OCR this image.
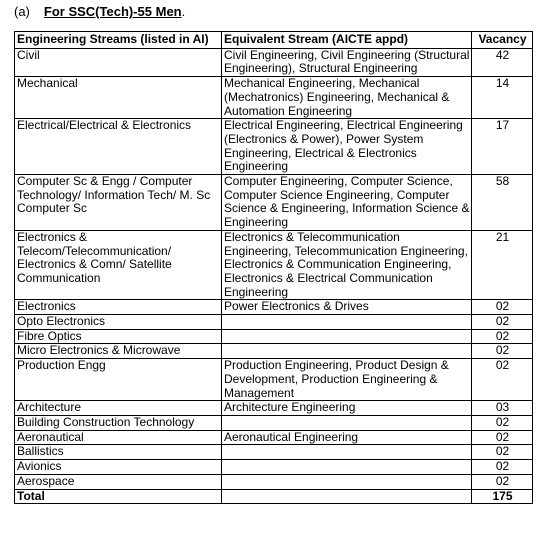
(a) For SSC(Tech)-55 Men.
Engineering Streams (listed in AI)	Equivalent Stream (AICTE appd)	Vacancy
Civil	Civil Engineering, Civil Engineering (Structural Engineering), Structural Engineering	42
Mechanical	Mechanical Engineering, Mechanical (Mechatronics) Engineering, Mechanical & Automation Engineering	14
Electrical/Electrical & Electronics	Electrical Engineering, Electrical Engineering (Electronics & Power), Power System Engineering, Electrical & Electronics Engineering	17
Computer Sc & Engg / Computer Technology/ Information Tech/ M. Sc Computer Sc	Computer Engineering, Computer Science, Computer Science Engineering, Computer Science & Engineering, Information Science & Engineering	58
Electronics & Telecom/Telecommunication/ Electronics & Comn/ Satellite Communication	Electronics & Telecommunication Engineering, Telecommunication Engineering, Electronics & Communication Engineering, Electronics & Electrical Communication Engineering	21
Electronics	Power Electronics & Drives	02
Opto Electronics		02
Fibre Optics		02
Micro Electronics & Microwave		02
Production Engg	Production Engineering, Product Design & Development, Production Engineering & Management	02
Architecture	Architecture Engineering	03
Building Construction Technology		02
Aeronautical	Aeronautical Engineering	02
Ballistics		02
Avionics		02
Aerospace		02
Total		175
